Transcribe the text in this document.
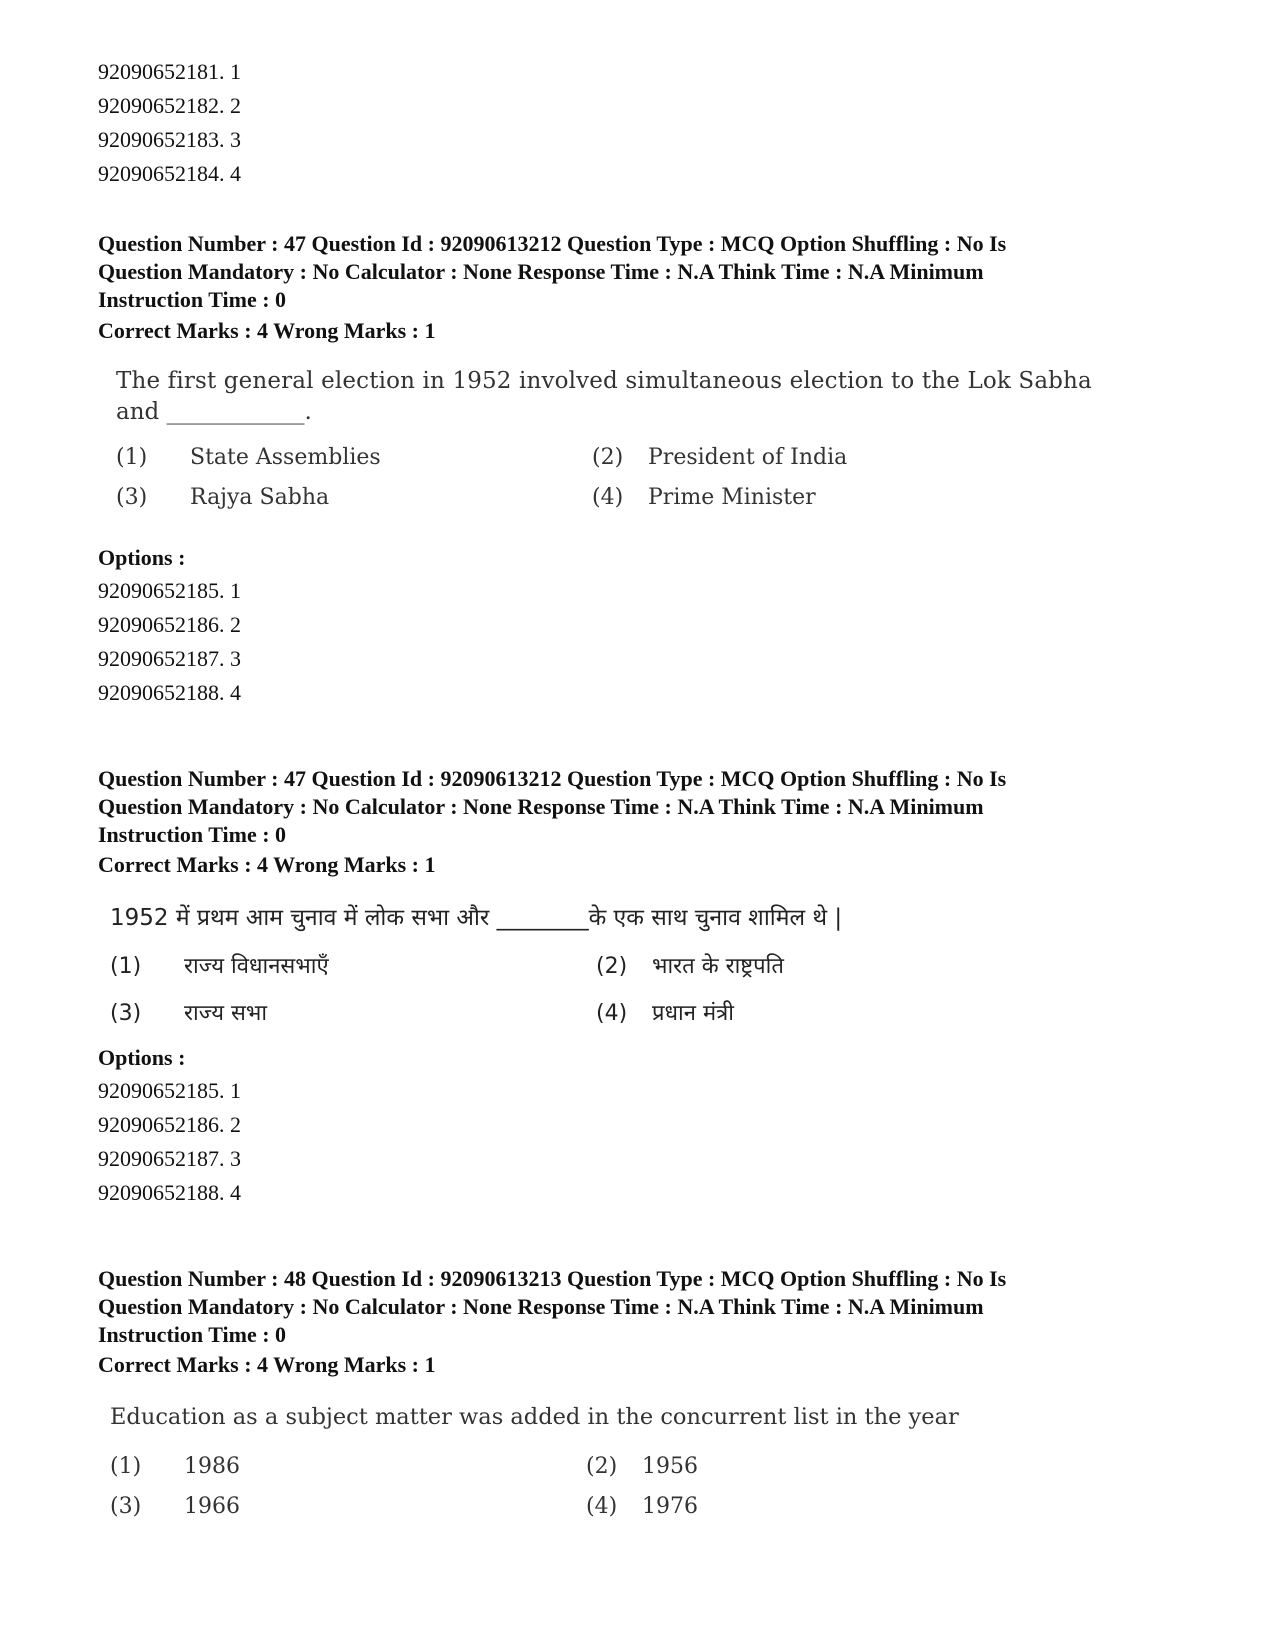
92090652181. 1
92090652182. 2
92090652183. 3
92090652184. 4
Question Number : 47 Question Id : 92090613212 Question Type : MCQ Option Shuffling : No Is
Question Mandatory : No Calculator : None Response Time : N.A Think Time : N.A Minimum
Instruction Time : 0
Correct Marks : 4 Wrong Marks : 1
The first general election in 1952 involved simultaneous election to the Lok Sabha
and ____________.
(1) State Assemblies	(2) President of India
(3) Rajya Sabha	(4) Prime Minister
Options :
92090652185. 1
92090652186. 2
92090652187. 3
92090652188. 4
Question Number : 47 Question Id : 92090613212 Question Type : MCQ Option Shuffling : No Is
Question Mandatory : No Calculator : None Response Time : N.A Think Time : N.A Minimum
Instruction Time : 0
Correct Marks : 4 Wrong Marks : 1
1952 में प्रथम आम चुनाव में लोक सभा और ________के एक साथ चुनाव शामिल थे |
(1) राज्य विधानसभाएँ	(2) भारत के राष्ट्रपति
(3) राज्य सभा	(4) प्रधान मंत्री
Options :
92090652185. 1
92090652186. 2
92090652187. 3
92090652188. 4
Question Number : 48 Question Id : 92090613213 Question Type : MCQ Option Shuffling : No Is
Question Mandatory : No Calculator : None Response Time : N.A Think Time : N.A Minimum
Instruction Time : 0
Correct Marks : 4 Wrong Marks : 1
Education as a subject matter was added in the concurrent list in the year
(1) 1986	(2) 1956
(3) 1966	(4) 1976
